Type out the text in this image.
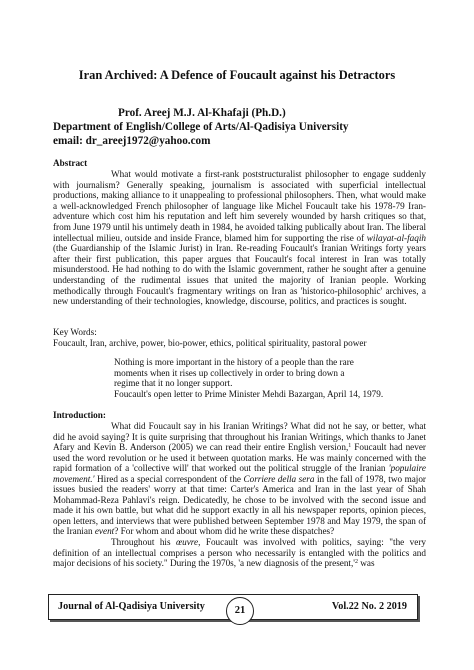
Iran Archived: A Defence of Foucault against his Detractors
Prof. Areej M.J. Al-Khafaji (Ph.D.)
Department of English/College of Arts/Al-Qadisiya University
email: dr_areej1972@yahoo.com
Abstract
What would motivate a first-rank poststructuralist philosopher to engage suddenly with journalism? Generally speaking, journalism is associated with superficial intellectual productions, making alliance to it unappealing to professional philosophers. Then, what would make a well-acknowledged French philosopher of language like Michel Foucault take his 1978-79 Iran-adventure which cost him his reputation and left him severely wounded by harsh critiques so that, from June 1979 until his untimely death in 1984, he avoided talking publically about Iran. The liberal intellectual milieu, outside and inside France, blamed him for supporting the rise of wilayat-al-faqih (the Guardianship of the Islamic Jurist) in Iran. Re-reading Foucault's Iranian Writings forty years after their first publication, this paper argues that Foucault's focal interest in Iran was totally misunderstood. He had nothing to do with the Islamic government, rather he sought after a genuine understanding of the rudimental issues that united the majority of Iranian people. Working methodically through Foucault's fragmentary writings on Iran as 'historico-philosophic' archives, a new understanding of their technologies, knowledge, discourse, politics, and practices is sought.
Key Words:
Foucault, Iran, archive, power, bio-power, ethics, political spirituality, pastoral power

Nothing is more important in the history of a people than the rare moments when it rises up collectively in order to bring down a regime that it no longer support.

Foucault's open letter to Prime Minister Mehdi Bazargan, April 14, 1979.

Introduction:

What did Foucault say in his Iranian Writings? What did not he say, or better, what did he avoid saying? It is quite surprising that throughout his Iranian Writings, which thanks to Janet Afary and Kevin B. Anderson (2005) we can read their entire English version,$^1$ Foucault had never used the word revolution or he used it between quotation marks. He was mainly concerned with the rapid formation of a 'collective will' that worked out the political struggle of the Iranian 'populaire movement.' Hired as a special correspondent of the Corriere della sera in the fall of 1978, two major issues busied the readers' worry at that time: Carter's America and Iran in the last year of Shah Mohammad-Reza Pahlavi's reign. Dedicatedly, he chose to be involved with the second issue and made it his own battle, but what did he support exactly in all his newspaper reports, opinion pieces, open letters, and interviews that were published between September 1978 and May 1979, the span of the Iranian event? For whom and about whom did he write these dispatches?

Throughout his œuvre, Foucault was involved with politics, saying: "the very definition of an intellectual comprises a person who necessarily is entangled with the politics and major decisions of his society." During the 1970s, 'a new diagnosis of the $present,'^2$ was

Journal of Al-Qadisiya University	21	Vol.22 No. 2 2019
